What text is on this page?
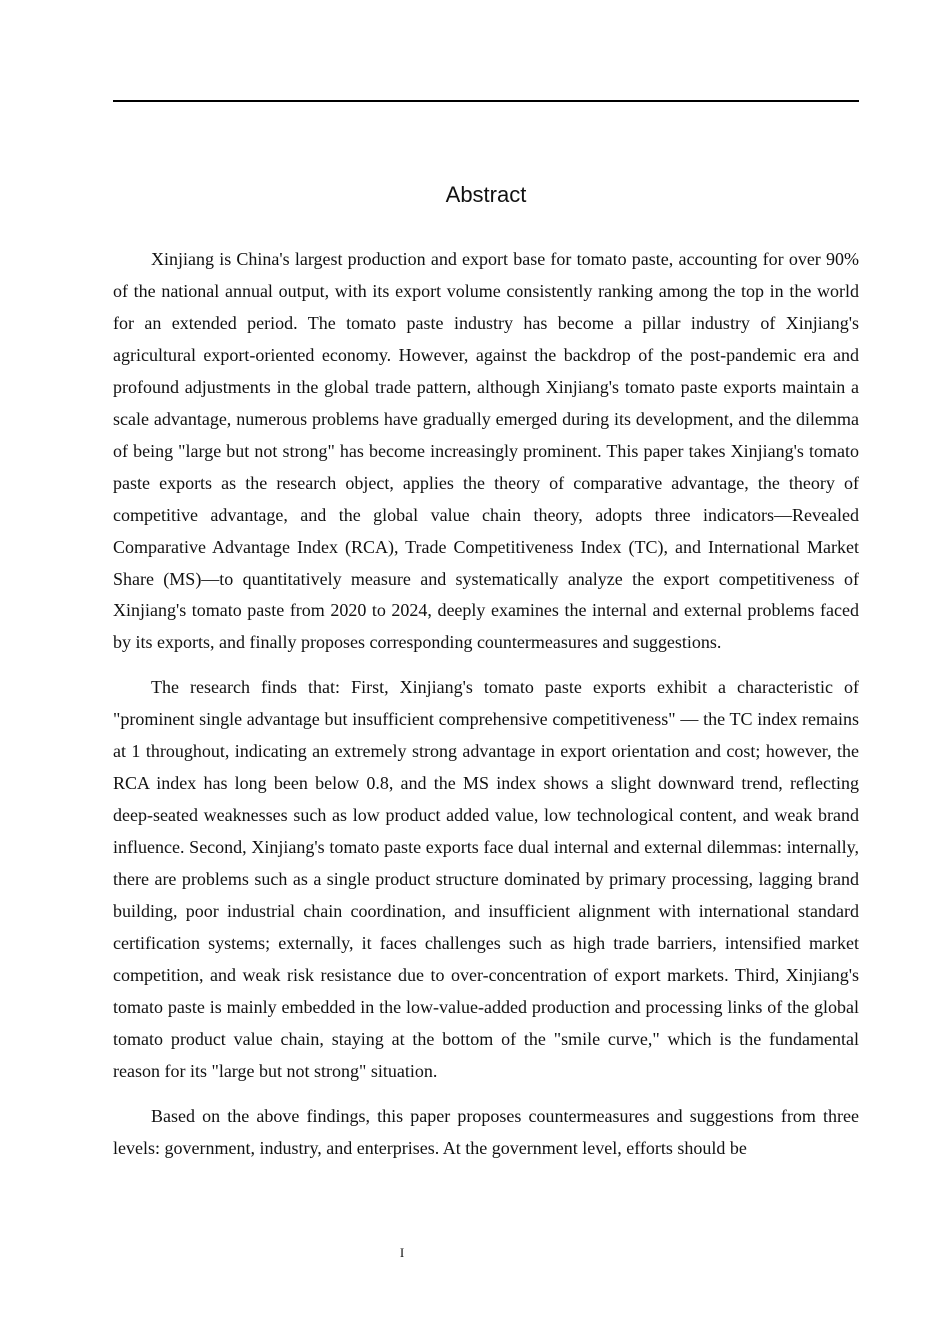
Abstract

Xinjiang is China's largest production and export base for tomato paste, accounting for over 90% of the national annual output, with its export volume consistently ranking among the top in the world for an extended period. The tomato paste industry has become a pillar industry of Xinjiang's agricultural export-oriented economy. However, against the backdrop of the post-pandemic era and profound adjustments in the global trade pattern, although Xinjiang's tomato paste exports maintain a scale advantage, numerous problems have gradually emerged during its development, and the dilemma of being "large but not strong" has become increasingly prominent. This paper takes Xinjiang's tomato paste exports as the research object, applies the theory of comparative advantage, the theory of competitive advantage, and the global value chain theory, adopts three indicators—Revealed Comparative Advantage Index (RCA), Trade Competitiveness Index (TC), and International Market Share (MS)—to quantitatively measure and systematically analyze the export competitiveness of Xinjiang's tomato paste from 2020 to 2024, deeply examines the internal and external problems faced by its exports, and finally proposes corresponding countermeasures and suggestions.

The research finds that: First, Xinjiang's tomato paste exports exhibit a characteristic of "prominent single advantage but insufficient comprehensive competitiveness" — the TC index remains at 1 throughout, indicating an extremely strong advantage in export orientation and cost; however, the RCA index has long been below 0.8, and the MS index shows a slight downward trend, reflecting deep-seated weaknesses such as low product added value, low technological content, and weak brand influence. Second, Xinjiang's tomato paste exports face dual internal and external dilemmas: internally, there are problems such as a single product structure dominated by primary processing, lagging brand building, poor industrial chain coordination, and insufficient alignment with international standard certification systems; externally, it faces challenges such as high trade barriers, intensified market competition, and weak risk resistance due to over-concentration of export markets. Third, Xinjiang's tomato paste is mainly embedded in the low-value-added production and processing links of the global tomato product value chain, staying at the bottom of the "smile curve," which is the fundamental reason for its "large but not strong" situation.

Based on the above findings, this paper proposes countermeasures and suggestions from three levels: government, industry, and enterprises. At the government level, efforts should be

I
